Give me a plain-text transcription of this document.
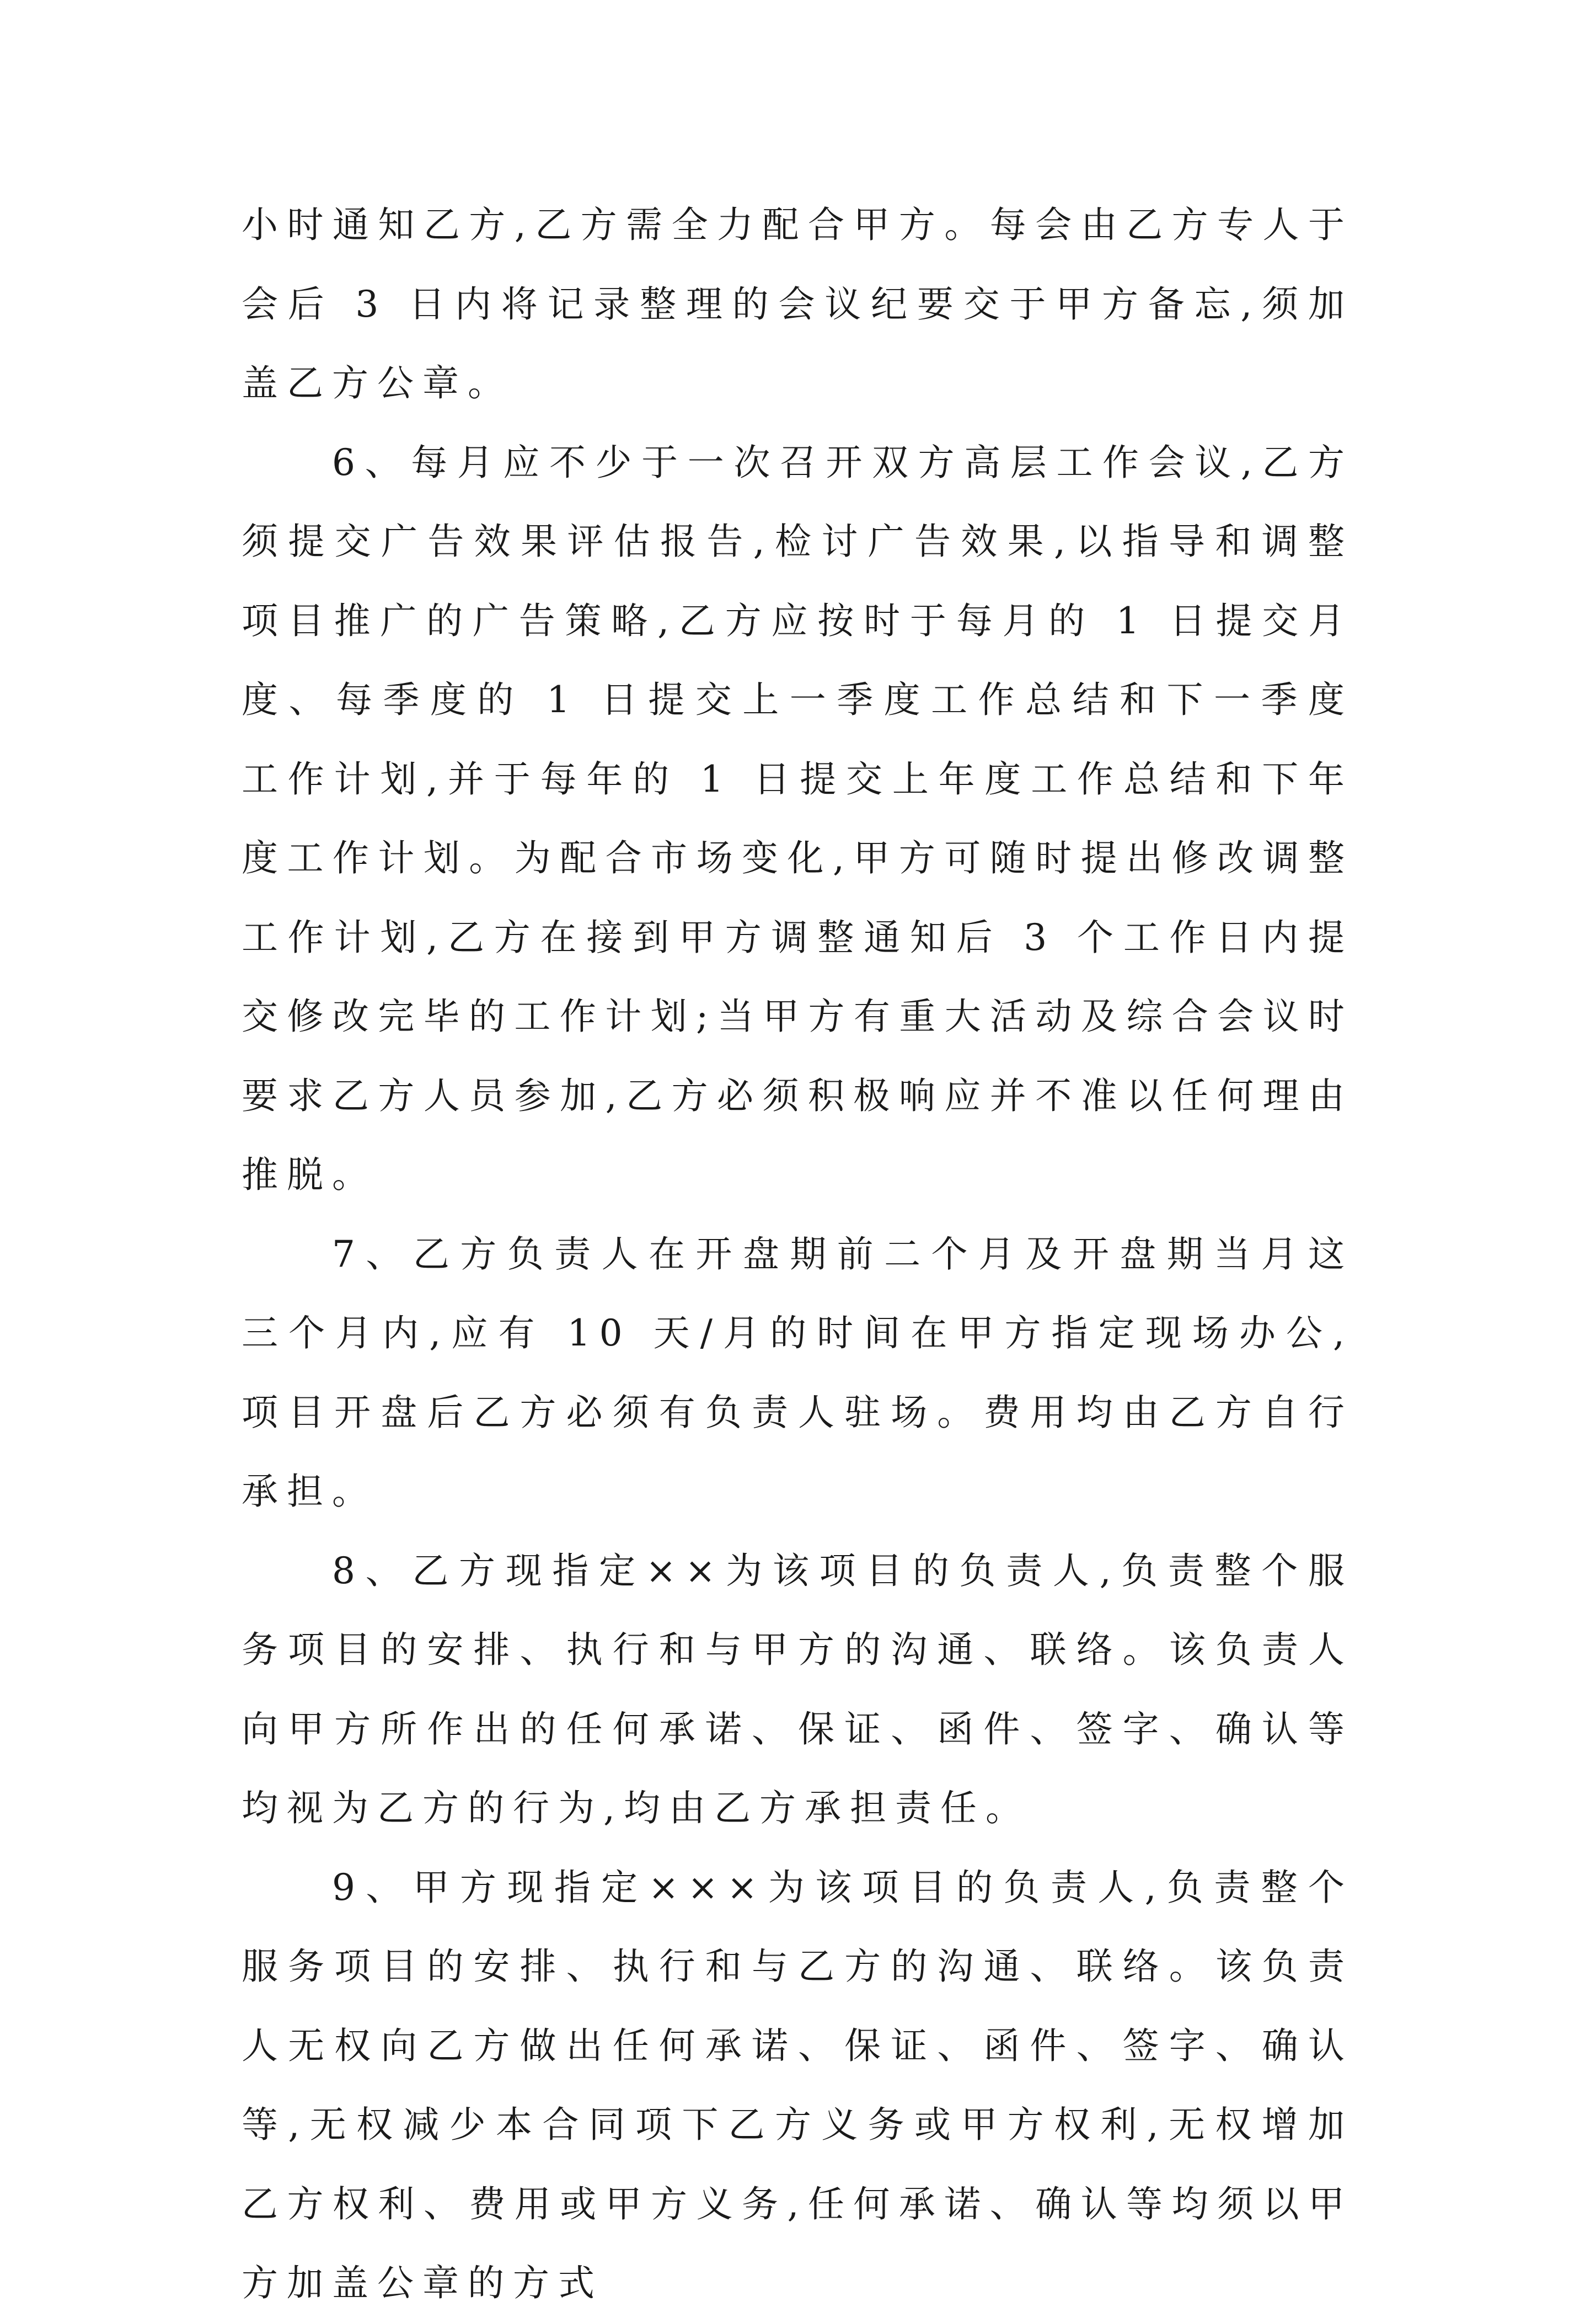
小时通知乙方,乙方需全力配合甲方。每会由乙方专人于会后 3 日内将记录整理的会议纪要交于甲方备忘,须加盖乙方公章。

6、每月应不少于一次召开双方高层工作会议,乙方须提交广告效果评估报告,检讨广告效果,以指导和调整项目推广的广告策略,乙方应按时于每月的 1 日提交月度、每季度的 1 日提交上一季度工作总结和下一季度工作计划,并于每年的 1 日提交上年度工作总结和下年度工作计划。为配合市场变化,甲方可随时提出修改调整工作计划,乙方在接到甲方调整通知后 3 个工作日内提交修改完毕的工作计划;当甲方有重大活动及综合会议时要求乙方人员参加,乙方必须积极响应并不准以任何理由推脱。

7、乙方负责人在开盘期前二个月及开盘期当月这三个月内,应有 10 天/月的时间在甲方指定现场办公,项目开盘后乙方必须有负责人驻场。费用均由乙方自行承担。

8、乙方现指定××为该项目的负责人,负责整个服务项目的安排、执行和与甲方的沟通、联络。该负责人向甲方所作出的任何承诺、保证、函件、签字、确认等均视为乙方的行为,均由乙方承担责任。

9、甲方现指定×××为该项目的负责人,负责整个服务项目的安排、执行和与乙方的沟通、联络。该负责人无权向乙方做出任何承诺、保证、函件、签字、确认等,无权减少本合同项下乙方义务或甲方权利,无权增加乙方权利、费用或甲方义务,任何承诺、确认等均须以甲方加盖公章的方式
